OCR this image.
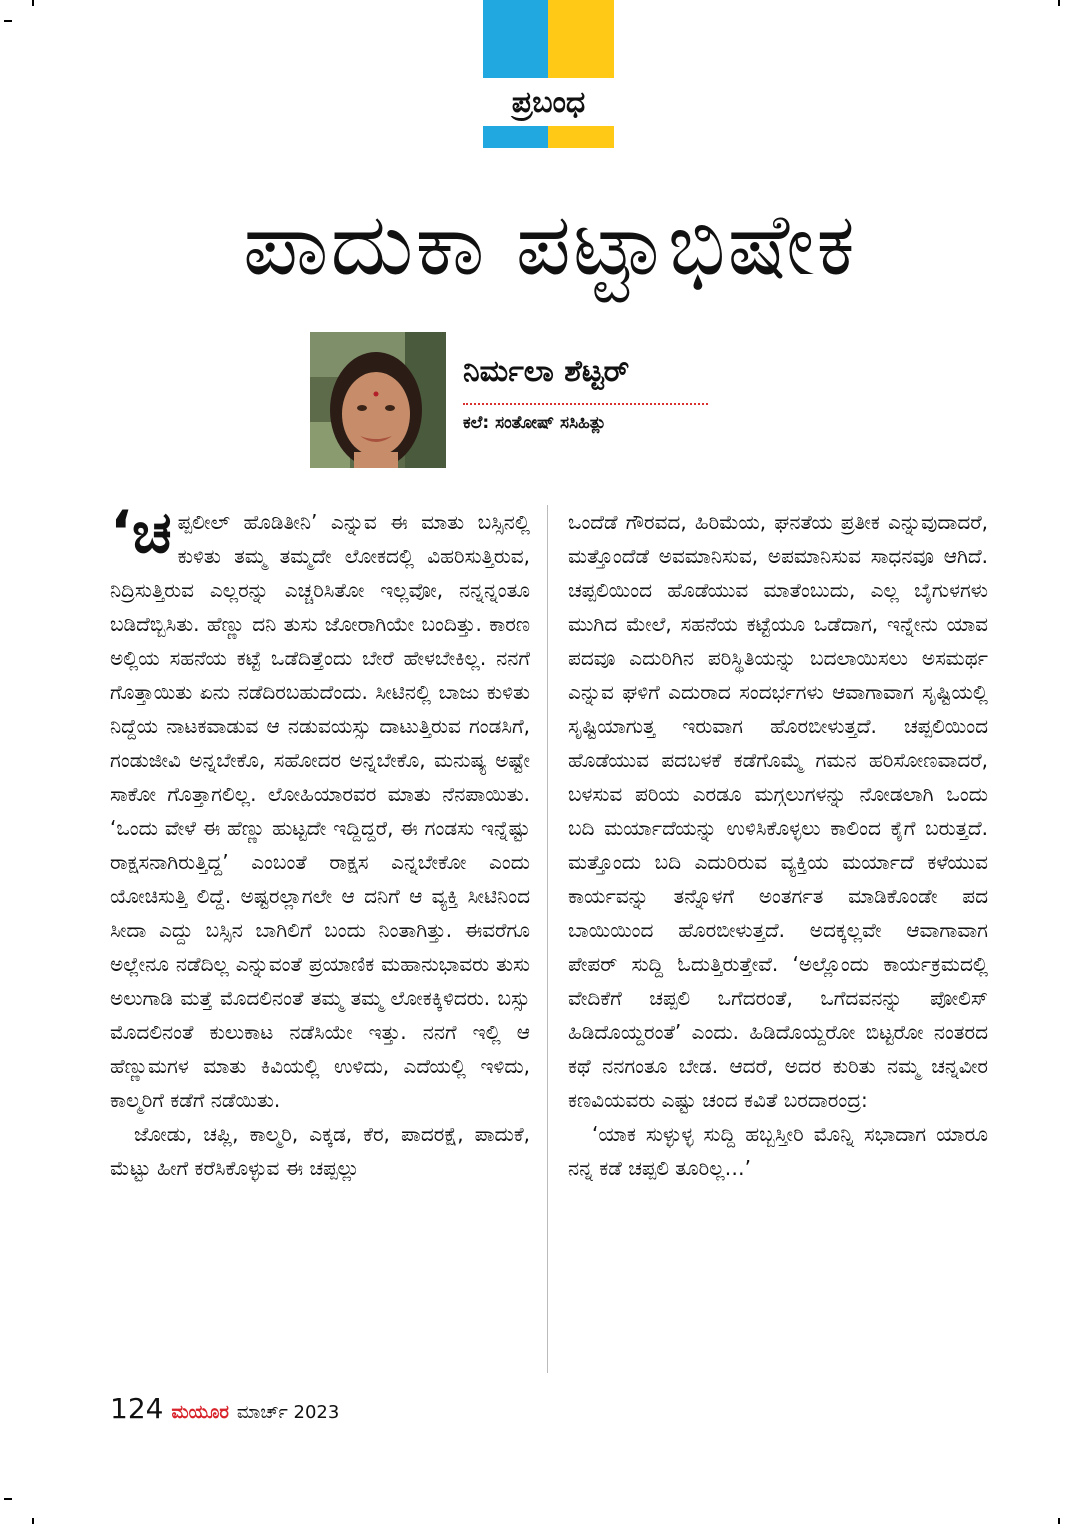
ಪ್ರಬಂಧ
ಪಾದುಕಾ ಪಟ್ಟಾಭಿಷೇಕ
ನಿರ್ಮಲಾ ಶೆಟ್ಟರ್
ಕಲೆ: ಸಂತೋಷ್ ಸಸಿಹಿತ್ಲು

‘ಚಪ್ಪಲೀಲ್ ಹೊಡಿತೀನಿ’ ಎನ್ನುವ ಈ ಮಾತು ಬಸ್ಸಿನಲ್ಲಿ ಕುಳಿತು ತಮ್ಮ ತಮ್ಮದೇ ಲೋಕದಲ್ಲಿ ವಿಹರಿಸುತ್ತಿರುವ, ನಿದ್ರಿಸುತ್ತಿರುವ ಎಲ್ಲರನ್ನು ಎಚ್ಚರಿಸಿತೋ ಇಲ್ಲವೋ, ನನ್ನನ್ನಂತೂ ಬಡಿದೆಬ್ಬಿಸಿತು. ಹೆಣ್ಣು ದನಿ ತುಸು ಜೋರಾಗಿಯೇ ಬಂದಿತ್ತು. ಕಾರಣ ಅಲ್ಲಿಯ ಸಹನೆಯ ಕಟ್ಟೆ ಒಡೆದಿತ್ತೆಂದು ಬೇರೆ ಹೇಳಬೇಕಿಲ್ಲ. ನನಗೆ ಗೊತ್ತಾಯಿತು ಏನು ನಡೆದಿರಬಹುದೆಂದು. ಸೀಟಿನಲ್ಲಿ ಬಾಜು ಕುಳಿತು ನಿದ್ದೆಯ ನಾಟಕವಾಡುವ ಆ ನಡುವಯಸ್ಸು ದಾಟುತ್ತಿರುವ ಗಂಡಸಿಗೆ, ಗಂಡುಜೀವಿ ಅನ್ನಬೇಕೊ, ಸಹೋದರ ಅನ್ನಬೇಕೊ, ಮನುಷ್ಯ ಅಷ್ಟೇ ಸಾಕೋ ಗೊತ್ತಾಗಲಿಲ್ಲ. ಲೋಹಿಯಾರವರ ಮಾತು ನೆನಪಾಯಿತು. ‘ಒಂದು ವೇಳೆ ಈ ಹೆಣ್ಣು ಹುಟ್ಟದೇ ಇದ್ದಿದ್ದರೆ, ಈ ಗಂಡಸು ಇನ್ನೆಷ್ಟು ರಾಕ್ಷಸನಾಗಿರುತ್ತಿದ್ದ’ ಎಂಬಂತೆ ರಾಕ್ಷಸ ಎನ್ನಬೇಕೋ ಎಂದು ಯೋಚಿಸುತ್ತಿ ಲಿದ್ದೆ. ಅಷ್ಟರಲ್ಲಾಗಲೇ ಆ ದನಿಗೆ ಆ ವ್ಯಕ್ತಿ ಸೀಟಿನಿಂದ ಸೀದಾ ಎದ್ದು ಬಸ್ಸಿನ ಬಾಗಿಲಿಗೆ ಬಂದು ನಿಂತಾಗಿತ್ತು. ಈವರೆಗೂ ಅಲ್ಲೇನೂ ನಡೆದಿಲ್ಲ ಎನ್ನುವಂತೆ ಪ್ರಯಾಣಿಕ ಮಹಾನುಭಾವರು ತುಸು ಅಲುಗಾಡಿ ಮತ್ತೆ ಮೊದಲಿನಂತೆ ತಮ್ಮ ತಮ್ಮ ಲೋಕಕ್ಕಿಳಿದರು. ಬಸ್ಸು ಮೊದಲಿನಂತೆ ಕುಲುಕಾಟ ನಡೆಸಿಯೇ ಇತ್ತು. ನನಗೆ ಇಲ್ಲಿ ಆ ಹೆಣ್ಣುಮಗಳ ಮಾತು ಕಿವಿಯಲ್ಲಿ ಉಳಿದು, ಎದೆಯಲ್ಲಿ ಇಳಿದು, ಕಾಲ್ಮರಿಗೆ ಕಡೆಗೆ ನಡೆಯಿತು.

ಜೋಡು, ಚಪ್ಲಿ, ಕಾಲ್ಮರಿ, ಎಕ್ಕಡ, ಕೆರ, ಪಾದರಕ್ಷೆ, ಪಾದುಕೆ, ಮೆಟ್ಟು ಹೀಗೆ ಕರೆಸಿಕೊಳ್ಳುವ ಈ ಚಪ್ಪಲ್ಲು

ಒಂದೆಡೆ ಗೌರವದ, ಹಿರಿಮೆಯ, ಘನತೆಯ ಪ್ರತೀಕ ಎನ್ನುವುದಾದರೆ, ಮತ್ತೊಂದೆಡೆ ಅವಮಾನಿಸುವ, ಅಪಮಾನಿಸುವ ಸಾಧನವೂ ಆಗಿದೆ. ಚಪ್ಪಲಿಯಿಂದ ಹೊಡೆಯುವ ಮಾತೆಂಬುದು, ಎಲ್ಲ ಬೈಗುಳಗಳು ಮುಗಿದ ಮೇಲೆ, ಸಹನೆಯ ಕಟ್ಟೆಯೂ ಒಡೆದಾಗ, ಇನ್ನೇನು ಯಾವ ಪದವೂ ಎದುರಿಗಿನ ಪರಿಸ್ಥಿತಿಯನ್ನು ಬದಲಾಯಿಸಲು ಅಸಮರ್ಥ ಎನ್ನುವ ಘಳಿಗೆ ಎದುರಾದ ಸಂದರ್ಭಗಳು ಆವಾಗಾವಾಗ ಸೃಷ್ಟಿಯಲ್ಲಿ ಸೃಷ್ಟಿಯಾಗುತ್ತ ಇರುವಾಗ ಹೊರಬೀಳುತ್ತದೆ. ಚಪ್ಪಲಿಯಿಂದ ಹೊಡೆಯುವ ಪದಬಳಕೆ ಕಡೆಗೊಮ್ಮೆ ಗಮನ ಹರಿಸೋಣವಾದರೆ, ಬಳಸುವ ಪರಿಯ ಎರಡೂ ಮಗ್ಗಲುಗಳನ್ನು ನೋಡಲಾಗಿ ಒಂದು ಬದಿ ಮರ್ಯಾದೆಯನ್ನು ಉಳಿಸಿಕೊಳ್ಳಲು ಕಾಲಿಂದ ಕೈಗೆ ಬರುತ್ತದೆ. ಮತ್ತೊಂದು ಬದಿ ಎದುರಿರುವ ವ್ಯಕ್ತಿಯ ಮರ್ಯಾದೆ ಕಳೆಯುವ ಕಾರ್ಯವನ್ನು ತನ್ನೊಳಗೆ ಅಂತರ್ಗತ ಮಾಡಿಕೊಂಡೇ ಪದ ಬಾಯಿಯಿಂದ ಹೊರಬೀಳುತ್ತದೆ. ಅದಕ್ಕಲ್ಲವೇ ಆವಾಗಾವಾಗ ಪೇಪರ್ ಸುದ್ದಿ ಓದುತ್ತಿರುತ್ತೇವೆ. ‘ಅಲ್ಲೊಂದು ಕಾರ್ಯಕ್ರಮದಲ್ಲಿ ವೇದಿಕೆಗೆ ಚಪ್ಪಲಿ ಒಗೆದರಂತೆ, ಒಗೆದವನನ್ನು ಪೋಲಿಸ್ ಹಿಡಿದೊಯ್ದರಂತೆ’ ಎಂದು. ಹಿಡಿದೊಯ್ದರೋ ಬಿಟ್ಟರೋ ನಂತರದ ಕಥೆ ನನಗಂತೂ ಬೇಡ. ಆದರೆ, ಅದರ ಕುರಿತು ನಮ್ಮ ಚನ್ನವೀರ ಕಣವಿಯವರು ಎಷ್ಟು ಚಂದ ಕವಿತೆ ಬರದಾರಂದ್ರ:

‘ಯಾಕ ಸುಳ್ಳುಳ್ಳ ಸುದ್ದಿ ಹಬ್ಬಸ್ತೀರಿ ಮೊನ್ನಿ ಸಭಾದಾಗ ಯಾರೂ ನನ್ನ ಕಡೆ ಚಪ್ಪಲಿ ತೂರಿಲ್ಲ…’

124 ಮಯೂರ ಮಾರ್ಚ್ 2023
